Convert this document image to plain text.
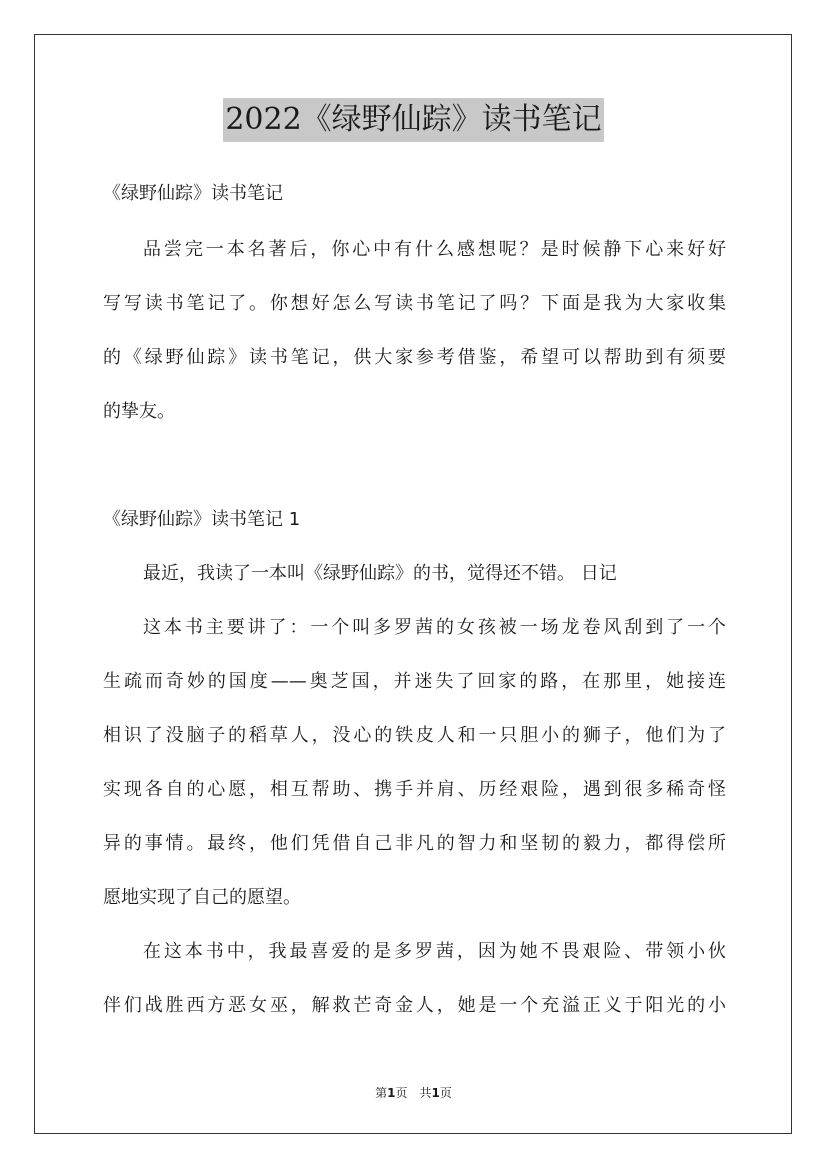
2022《绿野仙踪》读书笔记
《绿野仙踪》读书笔记
品尝完一本名著后，你心中有什么感想呢？是时候静下心来好好
写写读书笔记了。你想好怎么写读书笔记了吗？下面是我为大家收集
的《绿野仙踪》读书笔记，供大家参考借鉴，希望可以帮助到有须要
的挚友。
《绿野仙踪》读书笔记 1
最近，我读了一本叫《绿野仙踪》的书，觉得还不错。 日记
这本书主要讲了：一个叫多罗茜的女孩被一场龙卷风刮到了一个
生疏而奇妙的国度——奥芝国，并迷失了回家的路，在那里，她接连
相识了没脑子的稻草人，没心的铁皮人和一只胆小的狮子，他们为了
实现各自的心愿，相互帮助、携手并肩、历经艰险，遇到很多稀奇怪
异的事情。最终，他们凭借自己非凡的智力和坚韧的毅力，都得偿所
愿地实现了自己的愿望。
在这本书中，我最喜爱的是多罗茜，因为她不畏艰险、带领小伙
伴们战胜西方恶女巫，解救芒奇金人，她是一个充溢正义于阳光的小
第1页　共1页
